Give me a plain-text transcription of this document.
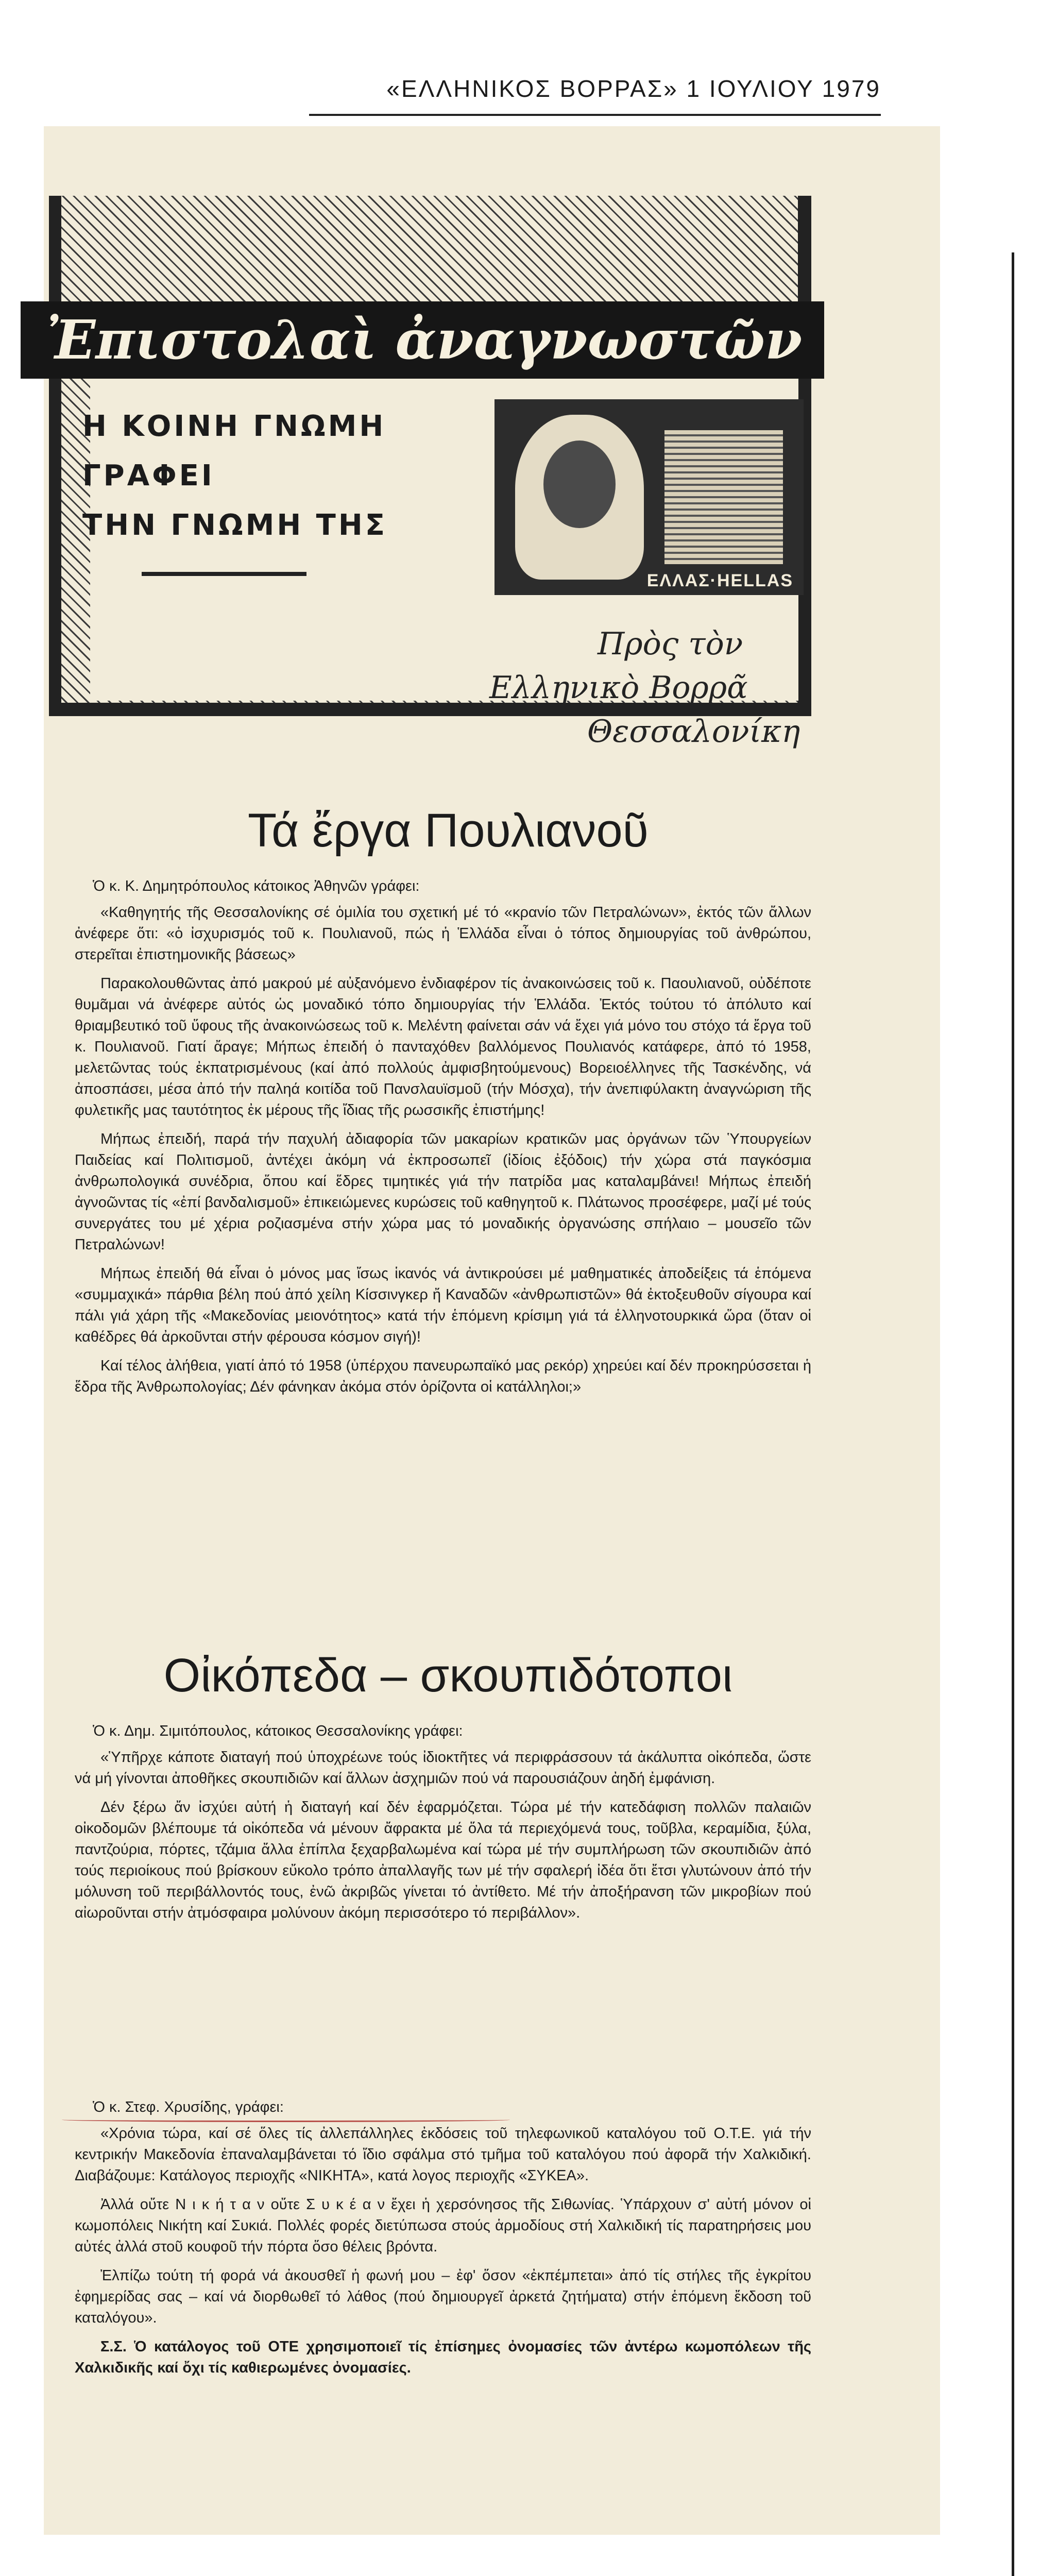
«ΕΛΛΗΝΙΚΟΣ ΒΟΡΡΑΣ» 1 ΙΟΥΛΙΟΥ 1979
Ἐπιστολαὶ ἀναγνωστῶν
Η ΚΟΙΝΗ ΓΝΩΜΗ
ΓΡΑΦΕΙ
ΤΗΝ ΓΝΩΜΗ ΤΗΣ
ΕΛΛΑΣ·HELLAS
Πρὸς τὸν
Ελληνικὸ Βορρᾶ
Θεσσαλονίκη
Τά ἔργα Πουλιανοῦ

Ὁ κ. Κ. Δημητρόπουλος κάτοικος Ἀθηνῶν γράφει:

«Καθηγητής τῆς Θεσσαλονίκης σέ ὁμιλία του σχετική μέ τό «κρανίο τῶν Πετραλώνων», ἐκτός τῶν ἄλλων ἀνέφερε ὅτι: «ὁ ἰσχυρισμός τοῦ κ. Πουλιανοῦ, πώς ἡ Ἑλλάδα εἶναι ὁ τόπος δημιουργίας τοῦ ἀνθρώπου, στερεῖται ἐπιστημονικῆς βάσεως»

Παρακολουθῶντας ἀπό μακρού μέ αὐξανόμενο ἐνδιαφέρον τίς ἀνακοινώσεις τοῦ κ. Παουλιανοῦ, οὐδέποτε θυμᾶμαι νά ἀνέφερε αὐτός ὡς μοναδικό τόπο δημιουργίας τήν Ἑλλάδα. Ἐκτός τούτου τό ἀπόλυτο καί θριαμβευτικό τοῦ ὕφους τῆς ἀνακοινώσεως τοῦ κ. Μελέντη φαίνεται σάν νά ἔχει γιά μόνο του στόχο τά ἔργα τοῦ κ. Πουλιανοῦ. Γιατί ἄραγε; Μήπως ἐπειδή ὁ πανταχόθεν βαλλόμενος Πουλιανός κατάφερε, ἀπό τό 1958, μελετῶντας τούς ἐκπατρισμένους (καί ἀπό πολλούς ἀμφισβητούμενους) Βορειοέλληνες τῆς Τασκένδης, νά ἀποσπάσει, μέσα ἀπό τήν παληά κοιτίδα τοῦ Πανσλαυϊσμοῦ (τήν Μόσχα), τήν ἀνεπιφύλακτη ἀναγνώριση τῆς φυλετικῆς μας ταυτότητος ἐκ μέρους τῆς ἴδιας τῆς ρωσσικῆς ἐπιστήμης!

Μήπως ἐπειδή, παρά τήν παχυλή ἀδιαφορία τῶν μακαρίων κρατικῶν μας ὀργάνων τῶν Ὑπουργείων Παιδείας καί Πολιτισμοῦ, ἀντέχει ἀκόμη νά ἐκπροσωπεῖ (ἰδίοις ἐξόδοις) τήν χώρα στά παγκόσμια ἀνθρωπολογικά συνέδρια, ὅπου καί ἕδρες τιμητικές γιά τήν πατρίδα μας καταλαμβάνει! Μήπως ἐπειδή ἀγνοῶντας τίς «ἐπί βανδαλισμοῦ» ἐπικειώμενες κυρώσεις τοῦ καθηγητοῦ κ. Πλάτωνος προσέφερε, μαζί μέ τούς συνεργάτες του μέ χέρια ροζιασμένα στήν χώρα μας τό μοναδικής ὀργανώσης σπήλαιο – μουσεῖο τῶν Πετραλώνων!

Μήπως ἐπειδή θά εἶναι ὁ μόνος μας ἴσως ἱκανός νά ἀντικρούσει μέ μαθηματικές ἀποδείξεις τά ἑπόμενα «συμμαχικά» πάρθια βέλη πού ἀπό χείλη Κίσσινγκερ ἤ Καναδῶν «ἀνθρωπιστῶν» θά ἐκτοξευθοῦν σίγουρα καί πάλι γιά χάρη τῆς «Μακεδονίας μειονότητος» κατά τήν ἑπόμενη κρίσιμη γιά τά ἑλληνοτουρκικά ὥρα (ὅταν οἱ καθέδρες θά ἀρκοῦνται στήν φέρουσα κόσμον σιγή)!

Καί τέλος ἀλήθεια, γιατί ἀπό τό 1958 (ὑπέρχου πανευρωπαϊκό μας ρεκόρ) χηρεύει καί δέν προκηρύσσεται ἡ ἕδρα τῆς Ἀνθρωπολογίας; Δέν φάνηκαν ἀκόμα στόν ὁρίζοντα οἱ κατάλληλοι;»

Οἰκόπεδα – σκουπιδότοποι

Ὁ κ. Δημ. Σιμιτόπουλος, κάτοικος Θεσσαλονίκης γράφει:

«Ὑπῆρχε κάποτε διαταγή πού ὑποχρέωνε τούς ἰδιοκτῆτες νά περιφράσσουν τά ἀκάλυπτα οἰκόπεδα, ὥστε νά μή γίνονται ἀποθῆκες σκουπιδιῶν καί ἄλλων ἀσχημιῶν πού νά παρουσιάζουν ἀηδή ἐμφάνιση.

Δέν ξέρω ἄν ἰσχύει αὐτή ἡ διαταγή καί δέν ἐφαρμόζεται. Τώρα μέ τήν κατεδάφιση πολλῶν παλαιῶν οἰκοδομῶν βλέπουμε τά οἰκόπεδα νά μένουν ἄφρακτα μέ ὅλα τά περιεχόμενά τους, τοῦβλα, κεραμίδια, ξύλα, παντζούρια, πόρτες, τζάμια ἄλλα ἐπίπλα ξεχαρβαλωμένα καί τώρα μέ τήν συμπλήρωση τῶν σκουπιδιῶν ἀπό τούς περιοίκους πού βρίσκουν εὔκολο τρόπο ἀπαλλαγῆς των μέ τήν σφαλερή ἰδέα ὅτι ἔτσι γλυτώνουν ἀπό τήν μόλυνση τοῦ περιβάλλοντός τους, ἐνῶ ἀκριβῶς γίνεται τό ἀντίθετο. Μέ τήν ἀποξήρανση τῶν μικροβίων πού αἰωροῦνται στήν ἀτμόσφαιρα μολύνουν ἀκόμη περισσότερο τό περιβάλλον».

Ὁ κ. Στεφ. Χρυσίδης, γράφει:

«Χρόνια τώρα, καί σέ ὅλες τίς ἀλλεπάλληλες ἐκδόσεις τοῦ τηλεφωνικοῦ καταλόγου τοῦ Ο.Τ.Ε. γιά τήν κεντρικήν Μακεδονία ἐπαναλαμβάνεται τό ἴδιο σφάλμα στό τμῆμα τοῦ καταλόγου πού ἀφορᾶ τήν Χαλκιδική. Διαβάζουμε: Κατάλογος περιοχῆς «ΝΙΚΗΤΑ», κατά λογος περιοχῆς «ΣΥΚΕΑ».

Ἀλλά οὔτε Ν ι κ ή τ α ν οὔτε Σ υ κ έ α ν ἔχει ἡ χερσόνησος τῆς Σιθωνίας. Ὑπάρχουν σ' αὐτή μόνον οἱ κωμοπόλεις Νικήτη καί Συκιά. Πολλές φορές διετύπωσα στούς ἁρμοδίους στή Χαλκιδική τίς παρατηρήσεις μου αὐτές ἀλλά στοῦ κουφοῦ τήν πόρτα ὅσο θέλεις βρόντα.

Ἐλπίζω τούτη τή φορά νά ἀκουσθεῖ ἡ φωνή μου – ἐφ' ὅσον «ἐκπέμπεται» ἀπό τίς στήλες τῆς ἐγκρίτου ἐφημερίδας σας – καί νά διορθωθεῖ τό λάθος (πού δημιουργεῖ ἀρκετά ζητήματα) στήν ἑπόμενη ἔκδοση τοῦ καταλόγου».

Σ.Σ. Ὁ κατάλογος τοῦ ΟΤΕ χρησιμοποιεῖ τίς ἐπίσημες ὀνομασίες τῶν ἀντέρω κωμοπόλεων τῆς Χαλκιδικῆς καί ὄχι τίς καθιερωμένες ὀνομασίες.
